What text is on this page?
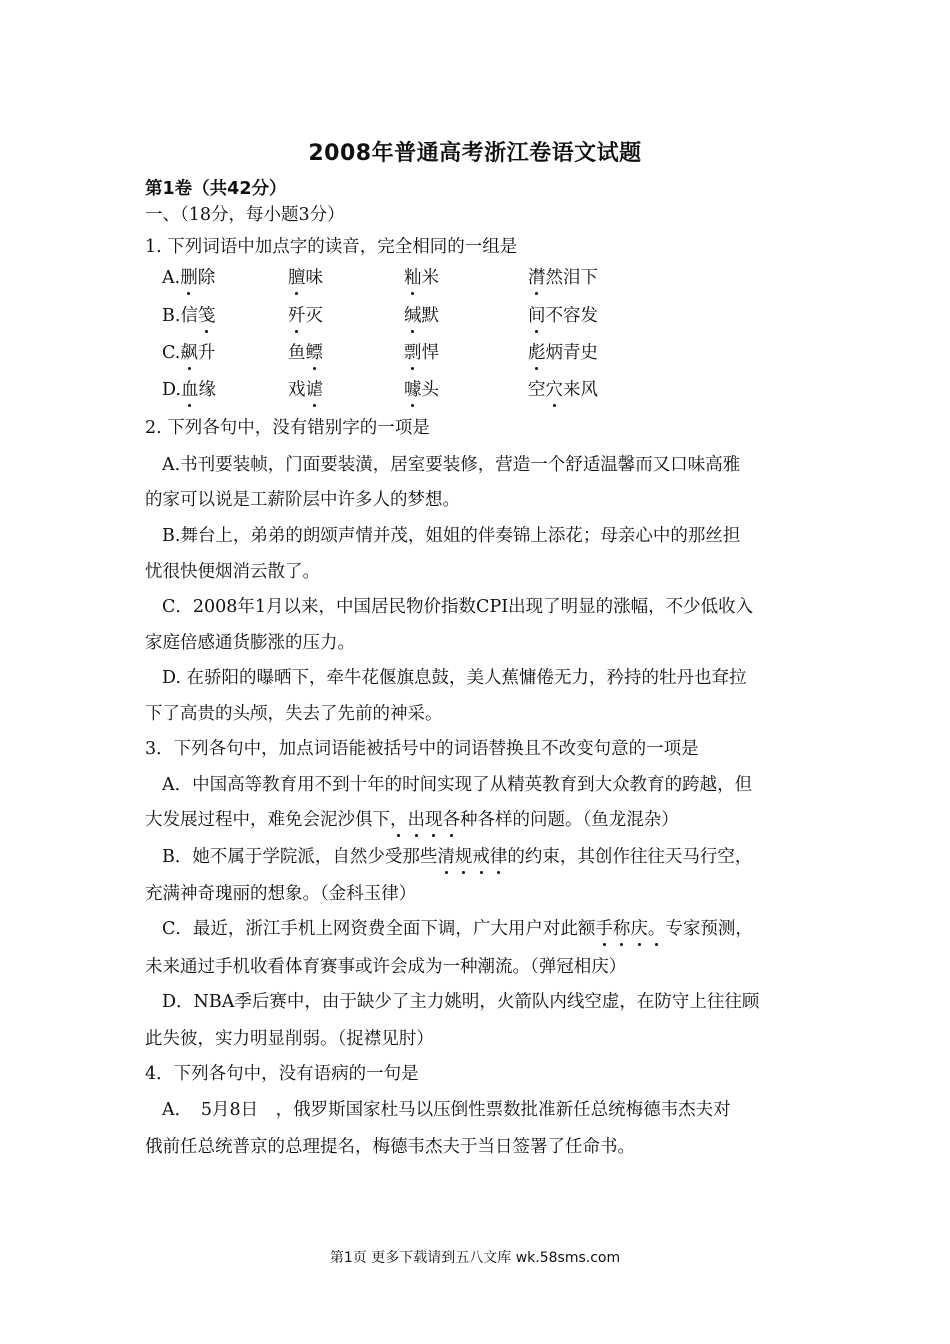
2008年普通高考浙江卷语文试题
第1卷（共42分）
一、（18分，每小题3分）
1. 下列词语中加点字的读音，完全相同的一组是
A.删除	膻味	籼米	潸然泪下
B.信笺	歼灭	缄默	间不容发
C.飙升	鱼鳔	剽悍	彪炳青史
D.血缘	戏谑	噱头	空穴来风
2. 下列各句中，没有错别字的一项是
A.书刊要装帧，门面要装潢，居室要装修，营造一个舒适温馨而又口味高雅
的家可以说是工薪阶层中许多人的梦想。
B.舞台上，弟弟的朗颂声情并茂，姐姐的伴奏锦上添花；母亲心中的那丝担
忧很快便烟消云散了。
C．2008年1月以来，中国居民物价指数CPI出现了明显的涨幅，不少低收入
家庭倍感通货膨涨的压力。
D. 在骄阳的曝晒下，牵牛花偃旗息鼓，美人蕉慵倦无力，矜持的牡丹也耷拉
下了高贵的头颅，失去了先前的神采。
3．下列各句中，加点词语能被括号中的词语替换且不改变句意的一项是
A．中国高等教育用不到十年的时间实现了从精英教育到大众教育的跨越，但
大发展过程中，难免会泥沙俱下，出现各种各样的问题。（鱼龙混杂）
B．她不属于学院派，自然少受那些清规戒律的约束，其创作往往天马行空，
充满神奇瑰丽的想象。（金科玉律）
C．最近，浙江手机上网资费全面下调，广大用户对此额手称庆。专家预测，
未来通过手机收看体育赛事或许会成为一种潮流。（弹冠相庆）
D．NBA季后赛中，由于缺少了主力姚明，火箭队内线空虚，在防守上往往顾
此失彼，实力明显削弱。（捉襟见肘）
4．下列各句中，没有语病的一句是
A．　5月8日　，俄罗斯国家杜马以压倒性票数批准新任总统梅德韦杰夫对
俄前任总统普京的总理提名，梅德韦杰夫于当日签署了任命书。
第1页 更多下载请到五八文库 wk.58sms.com
